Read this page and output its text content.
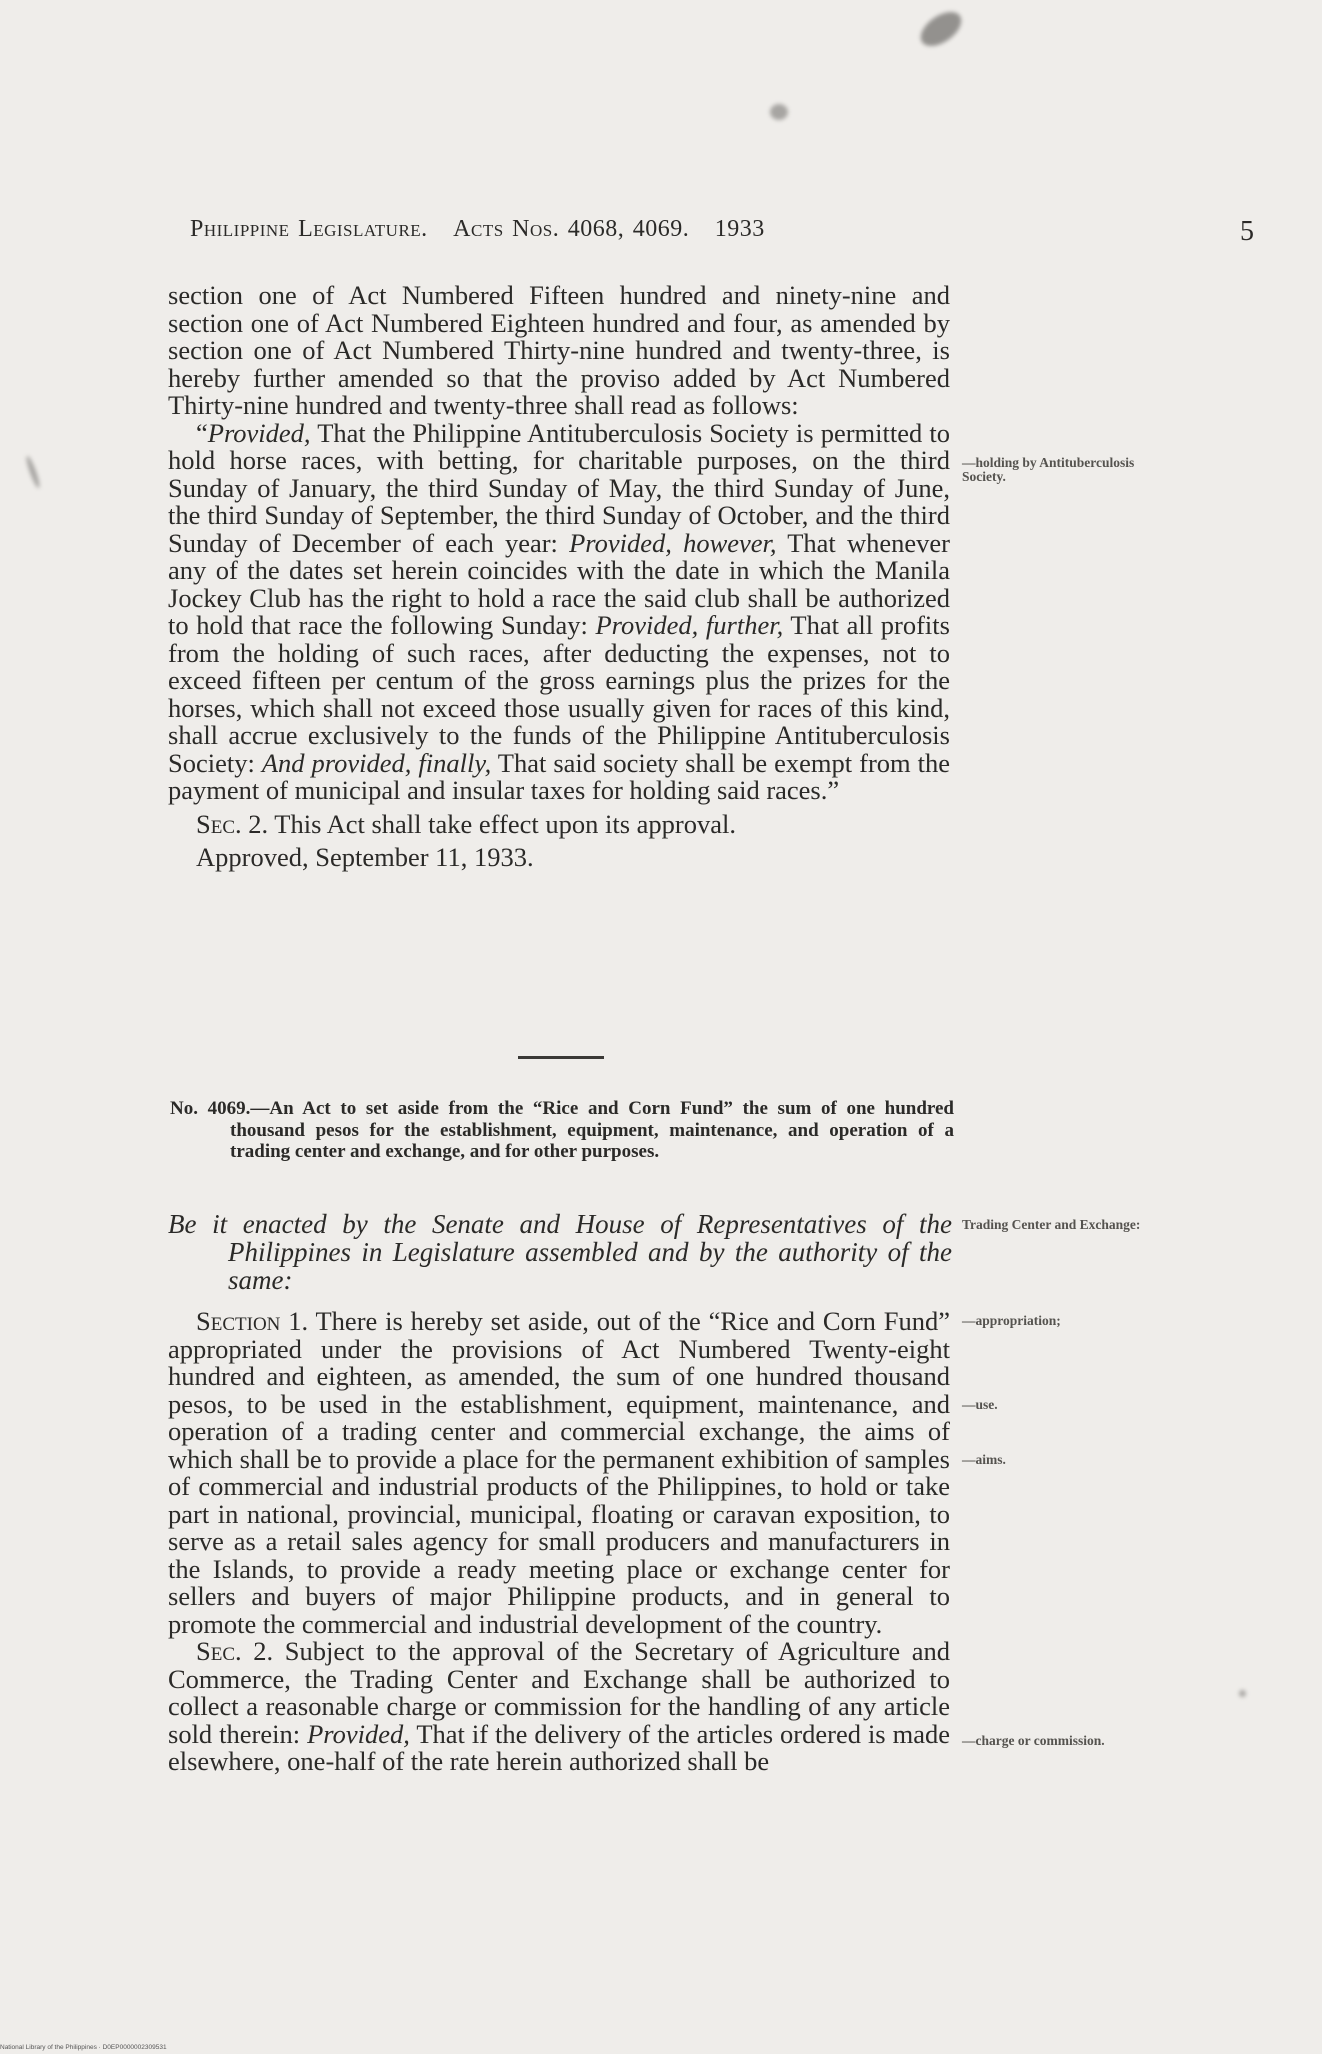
Philippine Legislature. Acts Nos. 4068, 4069. 1933	5

section one of Act Numbered Fifteen hundred and ninety-nine and section one of Act Numbered Eighteen hundred and four, as amended by section one of Act Numbered Thirty-nine hundred and twenty-three, is hereby further amended so that the proviso added by Act Numbered Thirty-nine hundred and twenty-three shall read as follows:

“Provided, That the Philippine Antituberculosis Society is permitted to hold horse races, with betting, for charitable purposes, on the third Sunday of January, the third Sunday of May, the third Sunday of June, the third Sunday of September, the third Sunday of October, and the third Sunday of December of each year: Provided, however, That whenever any of the dates set herein coincides with the date in which the Manila Jockey Club has the right to hold a race the said club shall be authorized to hold that race the following Sunday: Provided, further, That all profits from the holding of such races, after deducting the expenses, not to exceed fifteen per centum of the gross earnings plus the prizes for the horses, which shall not exceed those usually given for races of this kind, shall accrue exclusively to the funds of the Philippine Antituberculosis Society: And provided, finally, That said society shall be exempt from the payment of municipal and insular taxes for holding said races.”

Sec. 2. This Act shall take effect upon its approval.

Approved, September 11, 1933.

No. 4069.—An Act to set aside from the “Rice and Corn Fund” the sum of one hundred thousand pesos for the establishment, equipment, maintenance, and operation of a trading center and exchange, and for other purposes.
Be it enacted by the Senate and House of Representatives of the Philippines in Legislature assembled and by the authority of the same:

Section 1. There is hereby set aside, out of the “Rice and Corn Fund” appropriated under the provisions of Act Numbered Twenty-eight hundred and eighteen, as amended, the sum of one hundred thousand pesos, to be used in the establishment, equipment, maintenance, and operation of a trading center and commercial exchange, the aims of which shall be to provide a place for the permanent exhibition of samples of commercial and industrial products of the Philippines, to hold or take part in national, provincial, municipal, floating or caravan exposition, to serve as a retail sales agency for small producers and manufacturers in the Islands, to provide a ready meeting place or exchange center for sellers and buyers of major Philippine products, and in general to promote the commercial and industrial development of the country.

Sec. 2. Subject to the approval of the Secretary of Agriculture and Commerce, the Trading Center and Exchange shall be authorized to collect a reasonable charge or commission for the handling of any article sold therein: Provided, That if the delivery of the articles ordered is made elsewhere, one-half of the rate herein authorized shall be

—holding by Antituberculosis Society.
Trading Center and Exchange:
—appropriation;
—use.
—aims.
—charge or commission.
National Library of the Philippines · D0EP0000002309531
